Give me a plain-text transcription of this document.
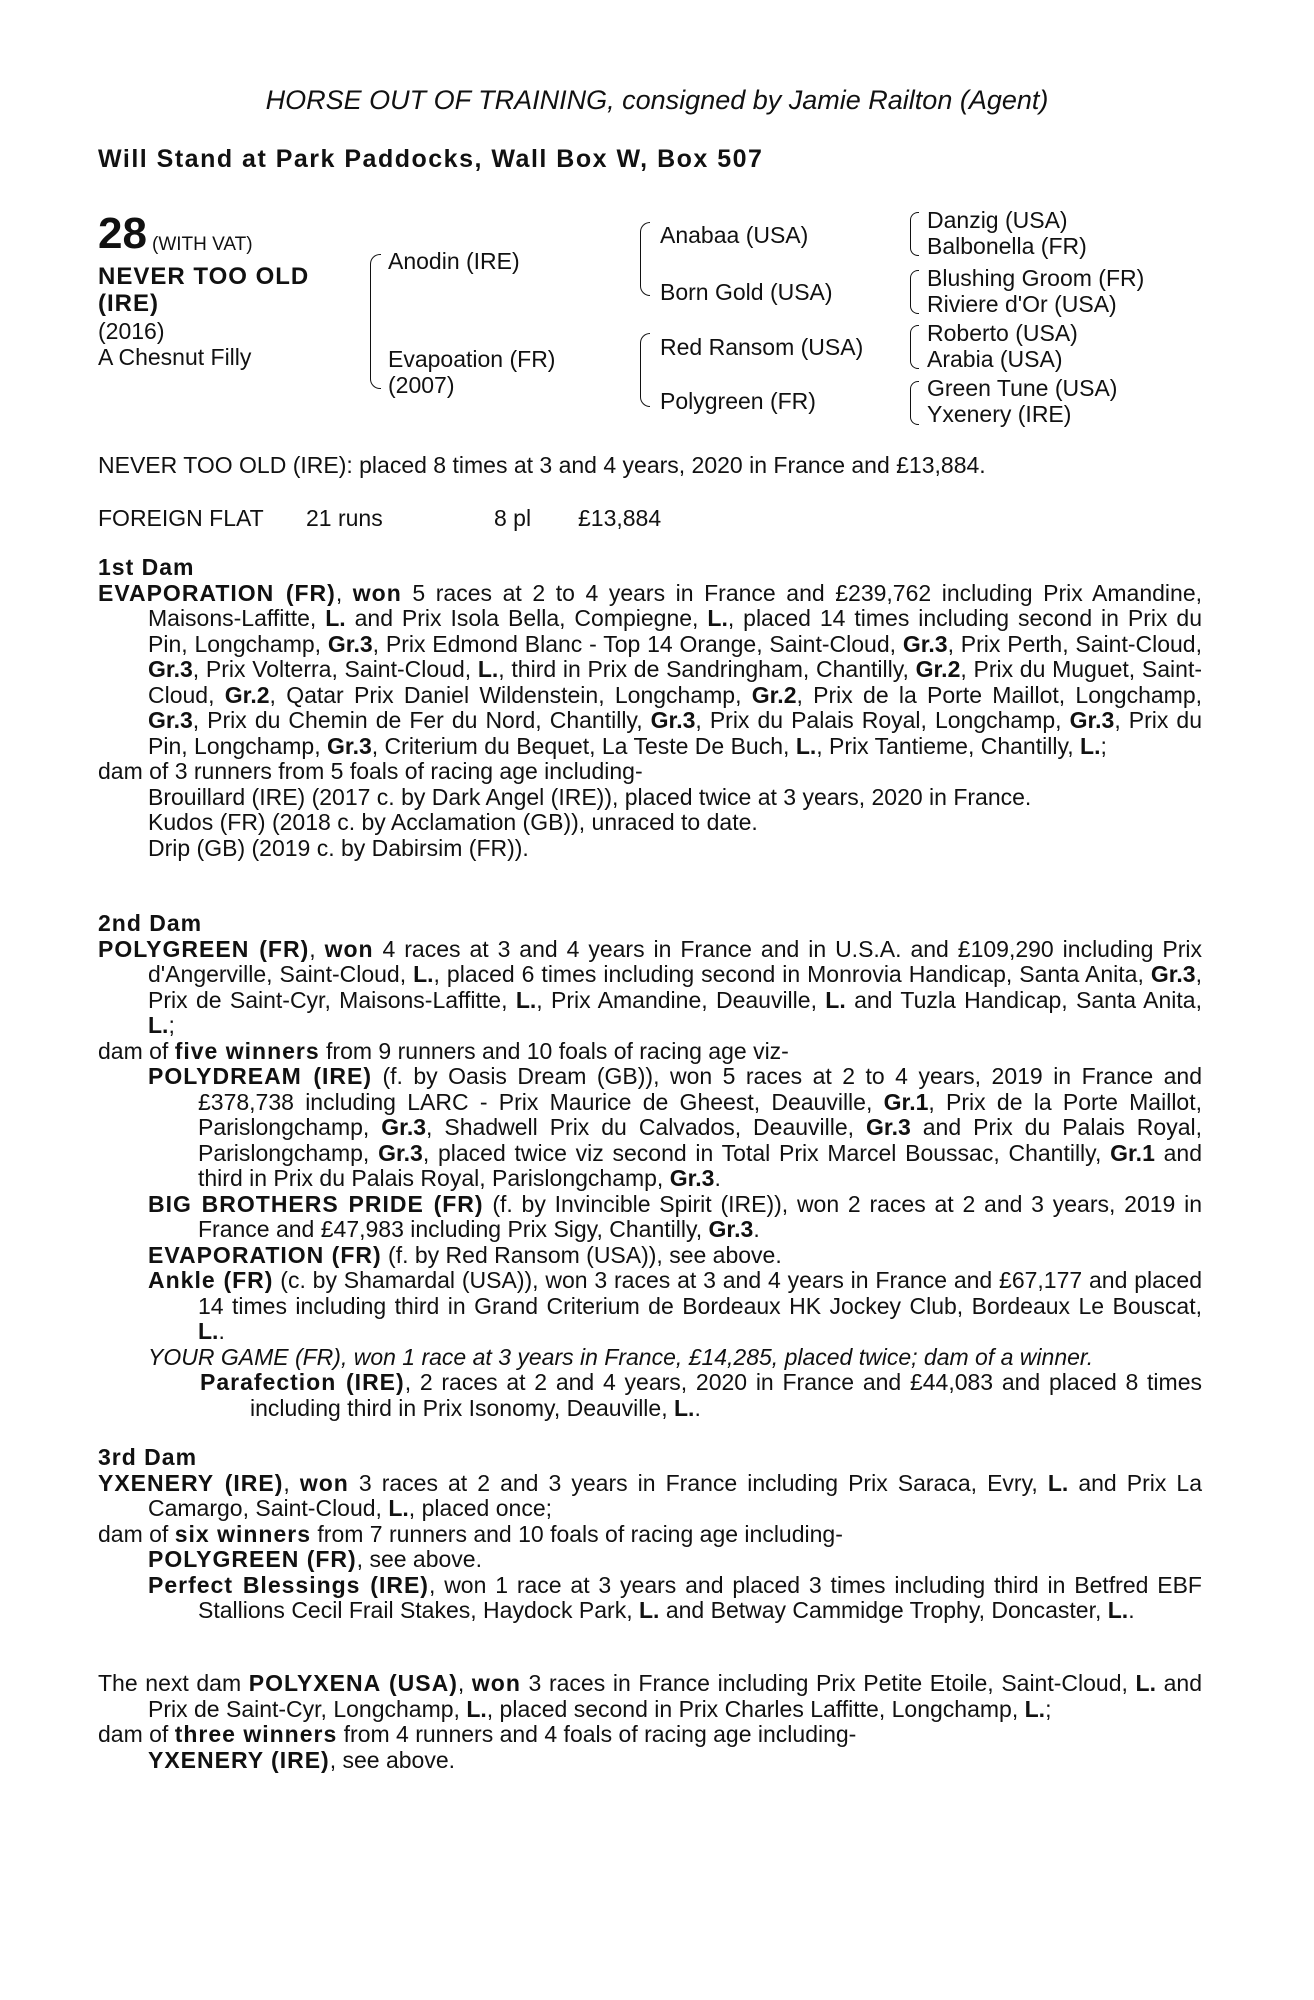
HORSE OUT OF TRAINING, consigned by Jamie Railton (Agent)
Will Stand at Park Paddocks, Wall Box W, Box 507
28 (WITH VAT)
NEVER TOO OLD (IRE)
(2016)
A Chesnut Filly
Anodin (IRE)
Evapoation (FR)
(2007)
Anabaa (USA)
Born Gold (USA)
Red Ransom (USA)
Polygreen (FR)
Danzig (USA)
Balbonella (FR)
Blushing Groom (FR)
Riviere d'Or (USA)
Roberto (USA)
Arabia (USA)
Green Tune (USA)
Yxenery (IRE)
NEVER TOO OLD (IRE): placed 8 times at 3 and 4 years, 2020 in France and £13,884.
FOREIGN FLAT 21 runs	8 pl £13,884

1st Dam

EVAPORATION (FR), won 5 races at 2 to 4 years in France and £239,762 including Prix Amandine, Maisons-Laffitte, L. and Prix Isola Bella, Compiegne, L., placed 14 times including second in Prix du Pin, Longchamp, Gr.3, Prix Edmond Blanc - Top 14 Orange, Saint-Cloud, Gr.3, Prix Perth, Saint-Cloud, Gr.3, Prix Volterra, Saint-Cloud, L., third in Prix de Sandringham, Chantilly, Gr.2, Prix du Muguet, Saint-Cloud, Gr.2, Qatar Prix Daniel Wildenstein, Longchamp, Gr.2, Prix de la Porte Maillot, Longchamp, Gr.3, Prix du Chemin de Fer du Nord, Chantilly, Gr.3, Prix du Palais Royal, Longchamp, Gr.3, Prix du Pin, Longchamp, Gr.3, Criterium du Bequet, La Teste De Buch, L., Prix Tantieme, Chantilly, L.;

dam of 3 runners from 5 foals of racing age including-

Brouillard (IRE) (2017 c. by Dark Angel (IRE)), placed twice at 3 years, 2020 in France.

Kudos (FR) (2018 c. by Acclamation (GB)), unraced to date.

Drip (GB) (2019 c. by Dabirsim (FR)).

2nd Dam

POLYGREEN (FR), won 4 races at 3 and 4 years in France and in U.S.A. and £109,290 including Prix d'Angerville, Saint-Cloud, L., placed 6 times including second in Monrovia Handicap, Santa Anita, Gr.3, Prix de Saint-Cyr, Maisons-Laffitte, L., Prix Amandine, Deauville, L. and Tuzla Handicap, Santa Anita, L.;

dam of five winners from 9 runners and 10 foals of racing age viz-

POLYDREAM (IRE) (f. by Oasis Dream (GB)), won 5 races at 2 to 4 years, 2019 in France and £378,738 including LARC - Prix Maurice de Gheest, Deauville, Gr.1, Prix de la Porte Maillot, Parislongchamp, Gr.3, Shadwell Prix du Calvados, Deauville, Gr.3 and Prix du Palais Royal, Parislongchamp, Gr.3, placed twice viz second in Total Prix Marcel Boussac, Chantilly, Gr.1 and third in Prix du Palais Royal, Parislongchamp, Gr.3.

BIG BROTHERS PRIDE (FR) (f. by Invincible Spirit (IRE)), won 2 races at 2 and 3 years, 2019 in France and £47,983 including Prix Sigy, Chantilly, Gr.3.

EVAPORATION (FR) (f. by Red Ransom (USA)), see above.

Ankle (FR) (c. by Shamardal (USA)), won 3 races at 3 and 4 years in France and £67,177 and placed 14 times including third in Grand Criterium de Bordeaux HK Jockey Club, Bordeaux Le Bouscat, L..

YOUR GAME (FR), won 1 race at 3 years in France, £14,285, placed twice; dam of a winner.

Parafection (IRE), 2 races at 2 and 4 years, 2020 in France and £44,083 and placed 8 times including third in Prix Isonomy, Deauville, L..

3rd Dam

YXENERY (IRE), won 3 races at 2 and 3 years in France including Prix Saraca, Evry, L. and Prix La Camargo, Saint-Cloud, L., placed once;

dam of six winners from 7 runners and 10 foals of racing age including-

POLYGREEN (FR), see above.

Perfect Blessings (IRE), won 1 race at 3 years and placed 3 times including third in Betfred EBF Stallions Cecil Frail Stakes, Haydock Park, L. and Betway Cammidge Trophy, Doncaster, L..

The next dam POLYXENA (USA), won 3 races in France including Prix Petite Etoile, Saint-Cloud, L. and Prix de Saint-Cyr, Longchamp, L., placed second in Prix Charles Laffitte, Longchamp, L.;

dam of three winners from 4 runners and 4 foals of racing age including-

YXENERY (IRE), see above.
